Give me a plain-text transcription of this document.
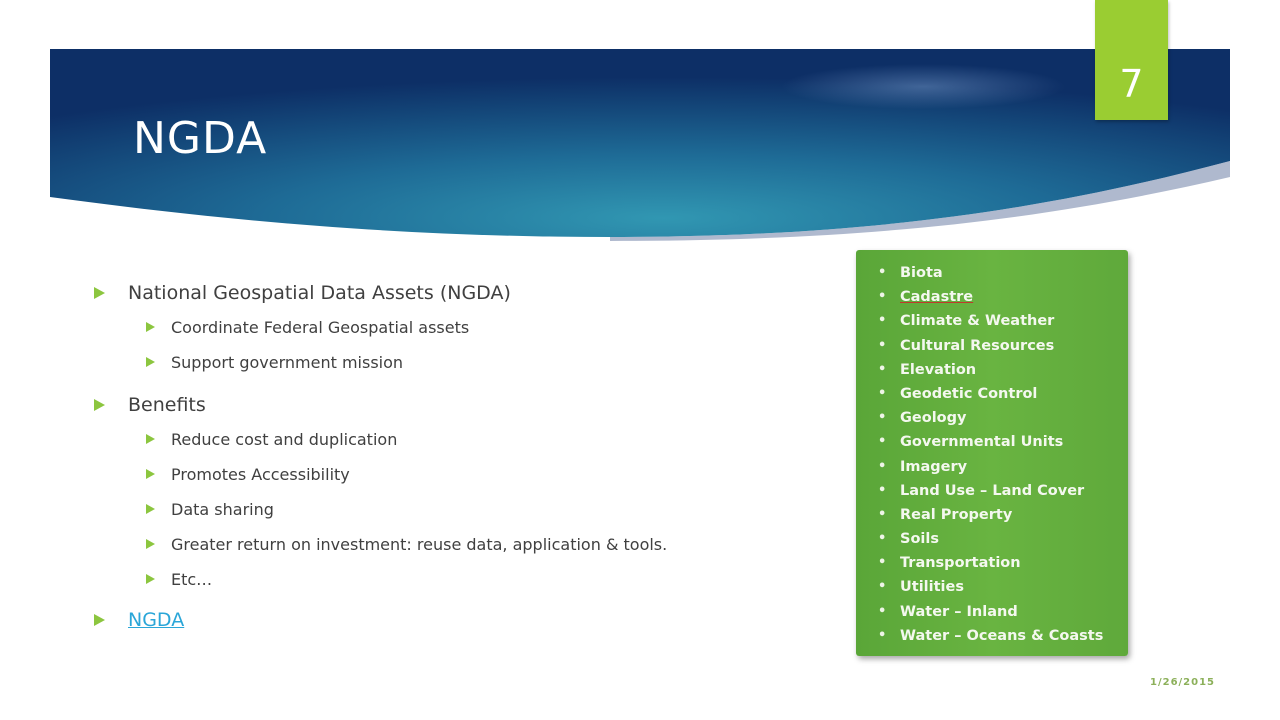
NGDA
7
National Geospatial Data Assets (NGDA)
Coordinate Federal Geospatial assets
Support government mission
Benefits
Reduce cost and duplication
Promotes Accessibility
Data sharing
Greater return on investment: reuse data, application & tools.
Etc…
NGDA
• Biota
• Cadastre
• Climate & Weather
• Cultural Resources
• Elevation
• Geodetic Control
• Geology
• Governmental Units
• Imagery
• Land Use – Land Cover
• Real Property
• Soils
• Transportation
• Utilities
• Water – Inland
• Water – Oceans & Coasts
1/26/2015
